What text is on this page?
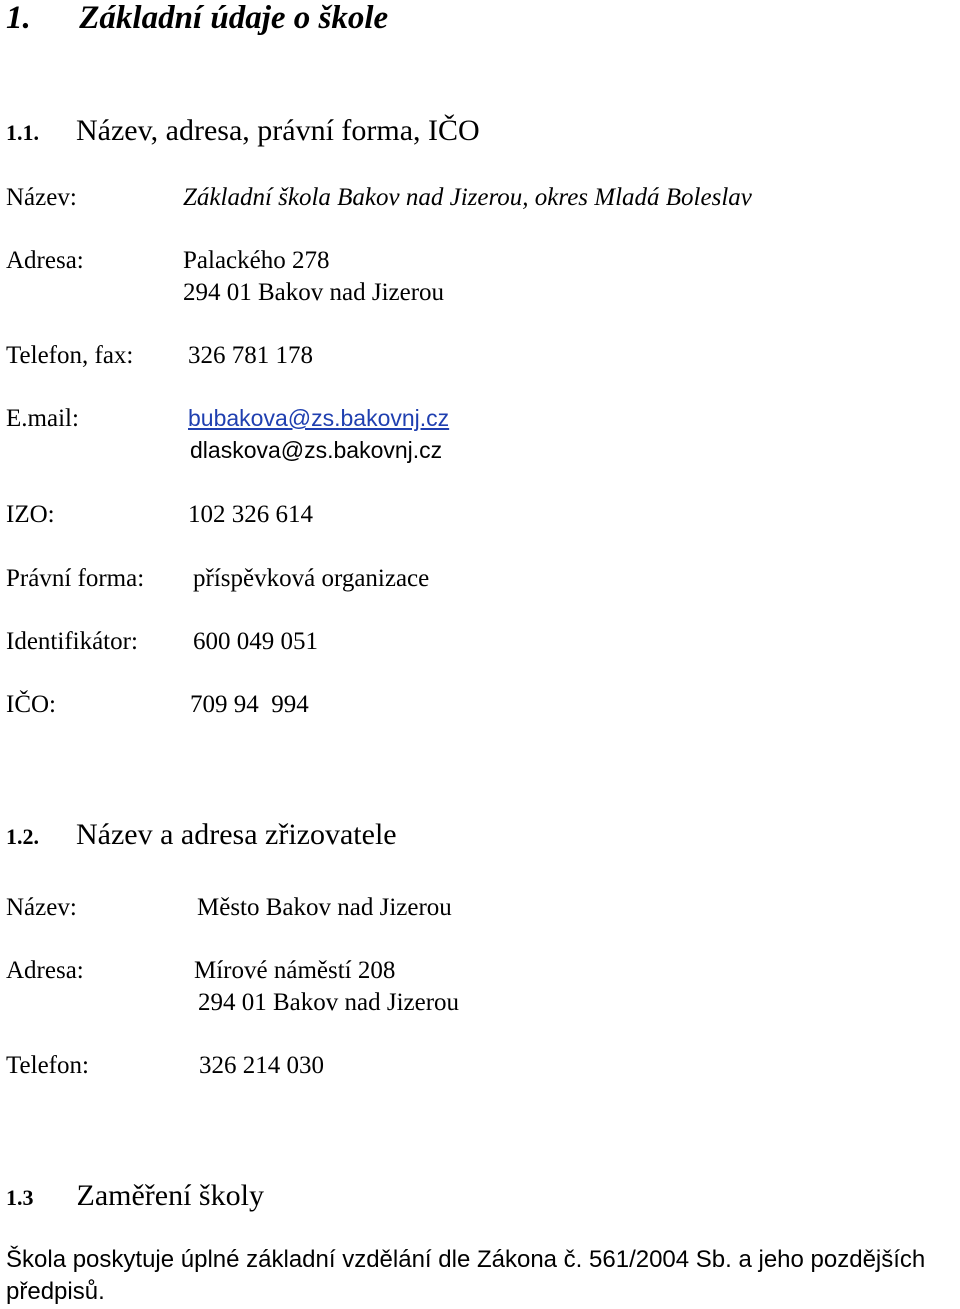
1. Základní údaje o škole
1.1. Název, adresa, právní forma, IČO
Název:	Základní škola Bakov nad Jizerou, okres Mladá Boleslav
Adresa:	Palackého 278
294 01 Bakov nad Jizerou
Telefon, fax: 326 781 178
E.mail:	bubakova@zs.bakovnj.cz
dlaskova@zs.bakovnj.cz
IZO:	102 326 614
Právní forma: příspěvková organizace
Identifikátor: 600 049 051
IČO:	709 94  994
1.2. Název a adresa zřizovatele
Název:	Město Bakov nad Jizerou
Adresa:	Mírové náměstí 208
294 01 Bakov nad Jizerou
Telefon:	326 214 030
1.3 Zaměření školy
Škola poskytuje úplné základní vzdělání dle Zákona č. 561/2004 Sb. a jeho pozdějších
předpisů.
